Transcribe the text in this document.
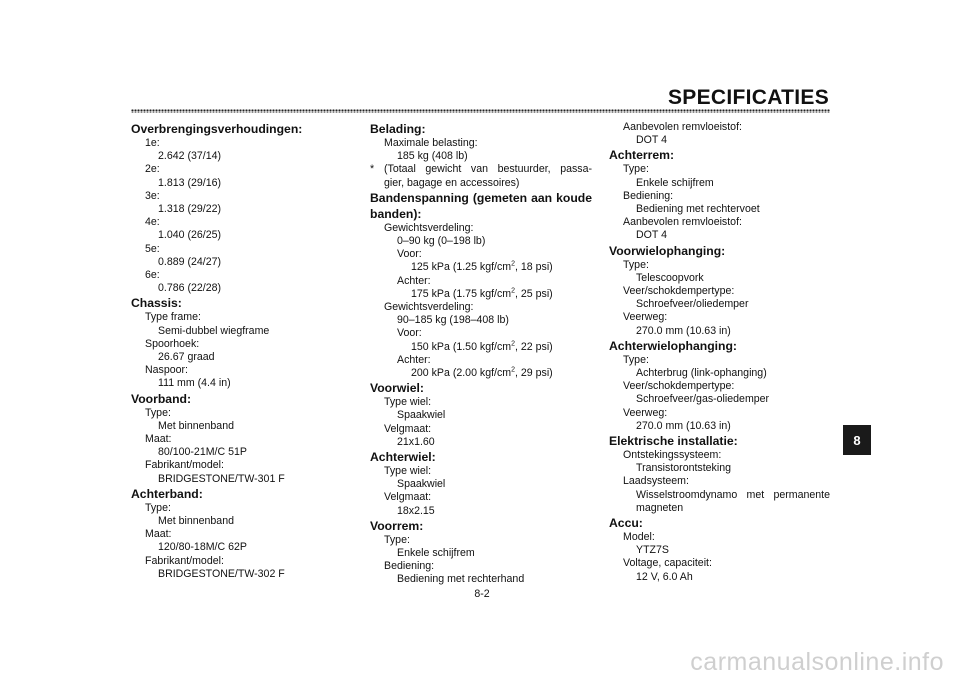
SPECIFICATIES
Overbrengingsverhoudingen:
1e:
2.642 (37/14)
2e:
1.813 (29/16)
3e:
1.318 (29/22)
4e:
1.040 (26/25)
5e:
0.889 (24/27)
6e:
0.786 (22/28)
Chassis:
Type frame:
Semi-dubbel wiegframe
Spoorhoek:
26.67 graad
Naspoor:
111 mm (4.4 in)
Voorband:
Type:
Met binnenband
Maat:
80/100-21M/C 51P
Fabrikant/model:
BRIDGESTONE/TW-301 F
Achterband:
Type:
Met binnenband
Maat:
120/80-18M/C 62P
Fabrikant/model:
BRIDGESTONE/TW-302 F
Belading:
Maximale belasting:
185 kg (408 lb)
* (Totaal gewicht van bestuurder, passa-
gier, bagage en accessoires)
Bandenspanning (gemeten aan koude
banden):
Gewichtsverdeling:
0–90 kg (0–198 lb)
Voor:
125 kPa (1.25 kgf/$cm^2$, 18 psi)
Achter:
175 kPa (1.75 kgf/$cm^2$, 25 psi)
Gewichtsverdeling:
90–185 kg (198–408 lb)
Voor:
150 kPa (1.50 kgf/$cm^2$, 22 psi)
Achter:
200 kPa (2.00 kgf/$cm^2$, 29 psi)
Voorwiel:
Type wiel:
Spaakwiel
Velgmaat:
21x1.60
Achterwiel:
Type wiel:
Spaakwiel
Velgmaat:
18x2.15
Voorrem:
Type:
Enkele schijfrem
Bediening:
Bediening met rechterhand
Aanbevolen remvloeistof:
DOT 4
Achterrem:
Type:
Enkele schijfrem
Bediening:
Bediening met rechtervoet
Aanbevolen remvloeistof:
DOT 4
Voorwielophanging:
Type:
Telescoopvork
Veer/schokdempertype:
Schroefveer/oliedemper
Veerweg:
270.0 mm (10.63 in)
Achterwielophanging:
Type:
Achterbrug (link-ophanging)
Veer/schokdempertype:
Schroefveer/gas-oliedemper
Veerweg:
270.0 mm (10.63 in)
Elektrische installatie:
Ontstekingssysteem:
Transistorontsteking
Laadsysteem:
Wisselstroomdynamo met permanente
magneten
Accu:
Model:
YTZ7S
Voltage, capaciteit:
12 V, 6.0 Ah
8
8-2
carmanualsonline.info
